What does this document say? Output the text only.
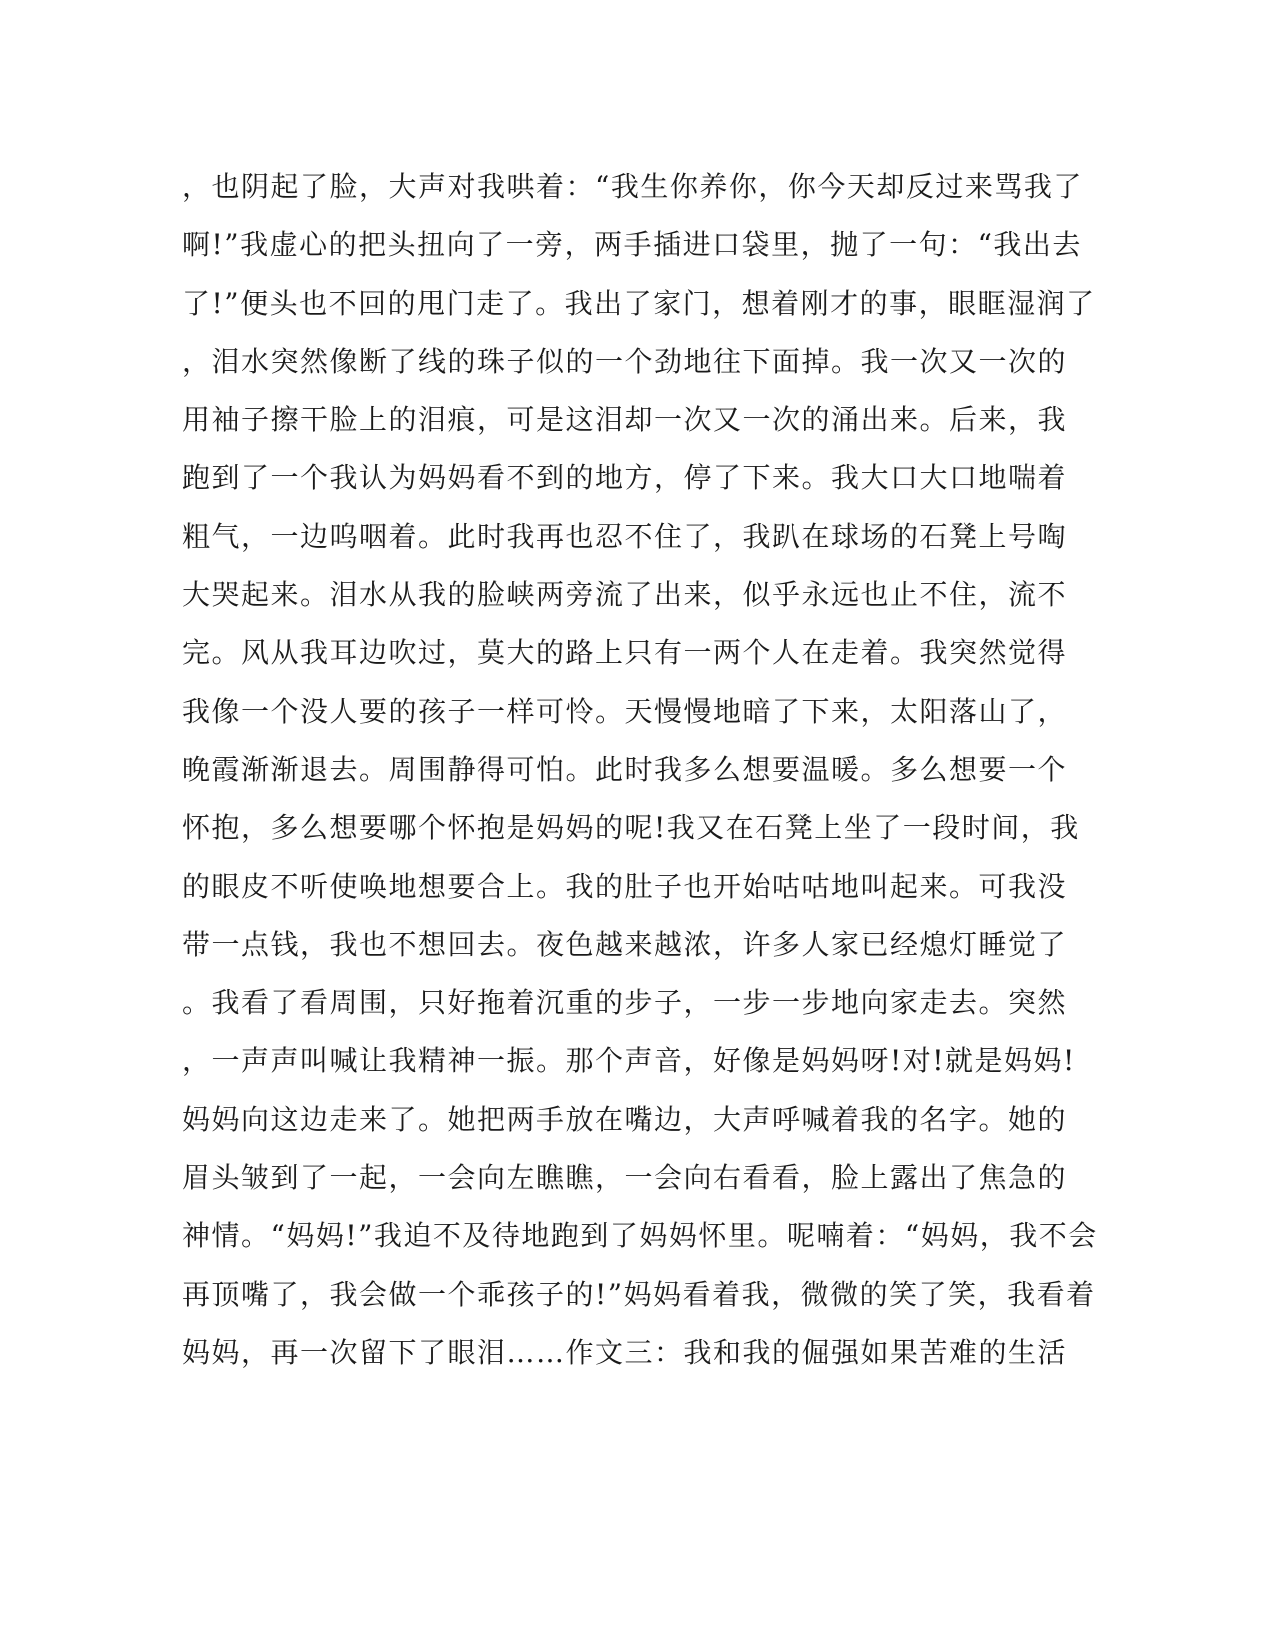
，也阴起了脸，大声对我哄着：“我生你养你，你今天却反过来骂我了
啊!”我虚心的把头扭向了一旁，两手插进口袋里，抛了一句：“我出去
了!”便头也不回的甩门走了。我出了家门，想着刚才的事，眼眶湿润了
，泪水突然像断了线的珠子似的一个劲地往下面掉。我一次又一次的
用袖子擦干脸上的泪痕，可是这泪却一次又一次的涌出来。后来，我
跑到了一个我认为妈妈看不到的地方，停了下来。我大口大口地喘着
粗气，一边呜咽着。此时我再也忍不住了，我趴在球场的石凳上号啕
大哭起来。泪水从我的脸峡两旁流了出来，似乎永远也止不住，流不
完。风从我耳边吹过，莫大的路上只有一两个人在走着。我突然觉得
我像一个没人要的孩子一样可怜。天慢慢地暗了下来，太阳落山了，
晚霞渐渐退去。周围静得可怕。此时我多么想要温暖。多么想要一个
怀抱，多么想要哪个怀抱是妈妈的呢!我又在石凳上坐了一段时间，我
的眼皮不听使唤地想要合上。我的肚子也开始咕咕地叫起来。可我没
带一点钱，我也不想回去。夜色越来越浓，许多人家已经熄灯睡觉了
。我看了看周围，只好拖着沉重的步子，一步一步地向家走去。突然
，一声声叫喊让我精神一振。那个声音，好像是妈妈呀!对!就是妈妈!
妈妈向这边走来了。她把两手放在嘴边，大声呼喊着我的名字。她的
眉头皱到了一起，一会向左瞧瞧，一会向右看看，脸上露出了焦急的
神情。“妈妈!”我迫不及待地跑到了妈妈怀里。呢喃着：“妈妈，我不会
再顶嘴了，我会做一个乖孩子的!”妈妈看着我，微微的笑了笑，我看着
妈妈，再一次留下了眼泪……作文三：我和我的倔强如果苦难的生活
